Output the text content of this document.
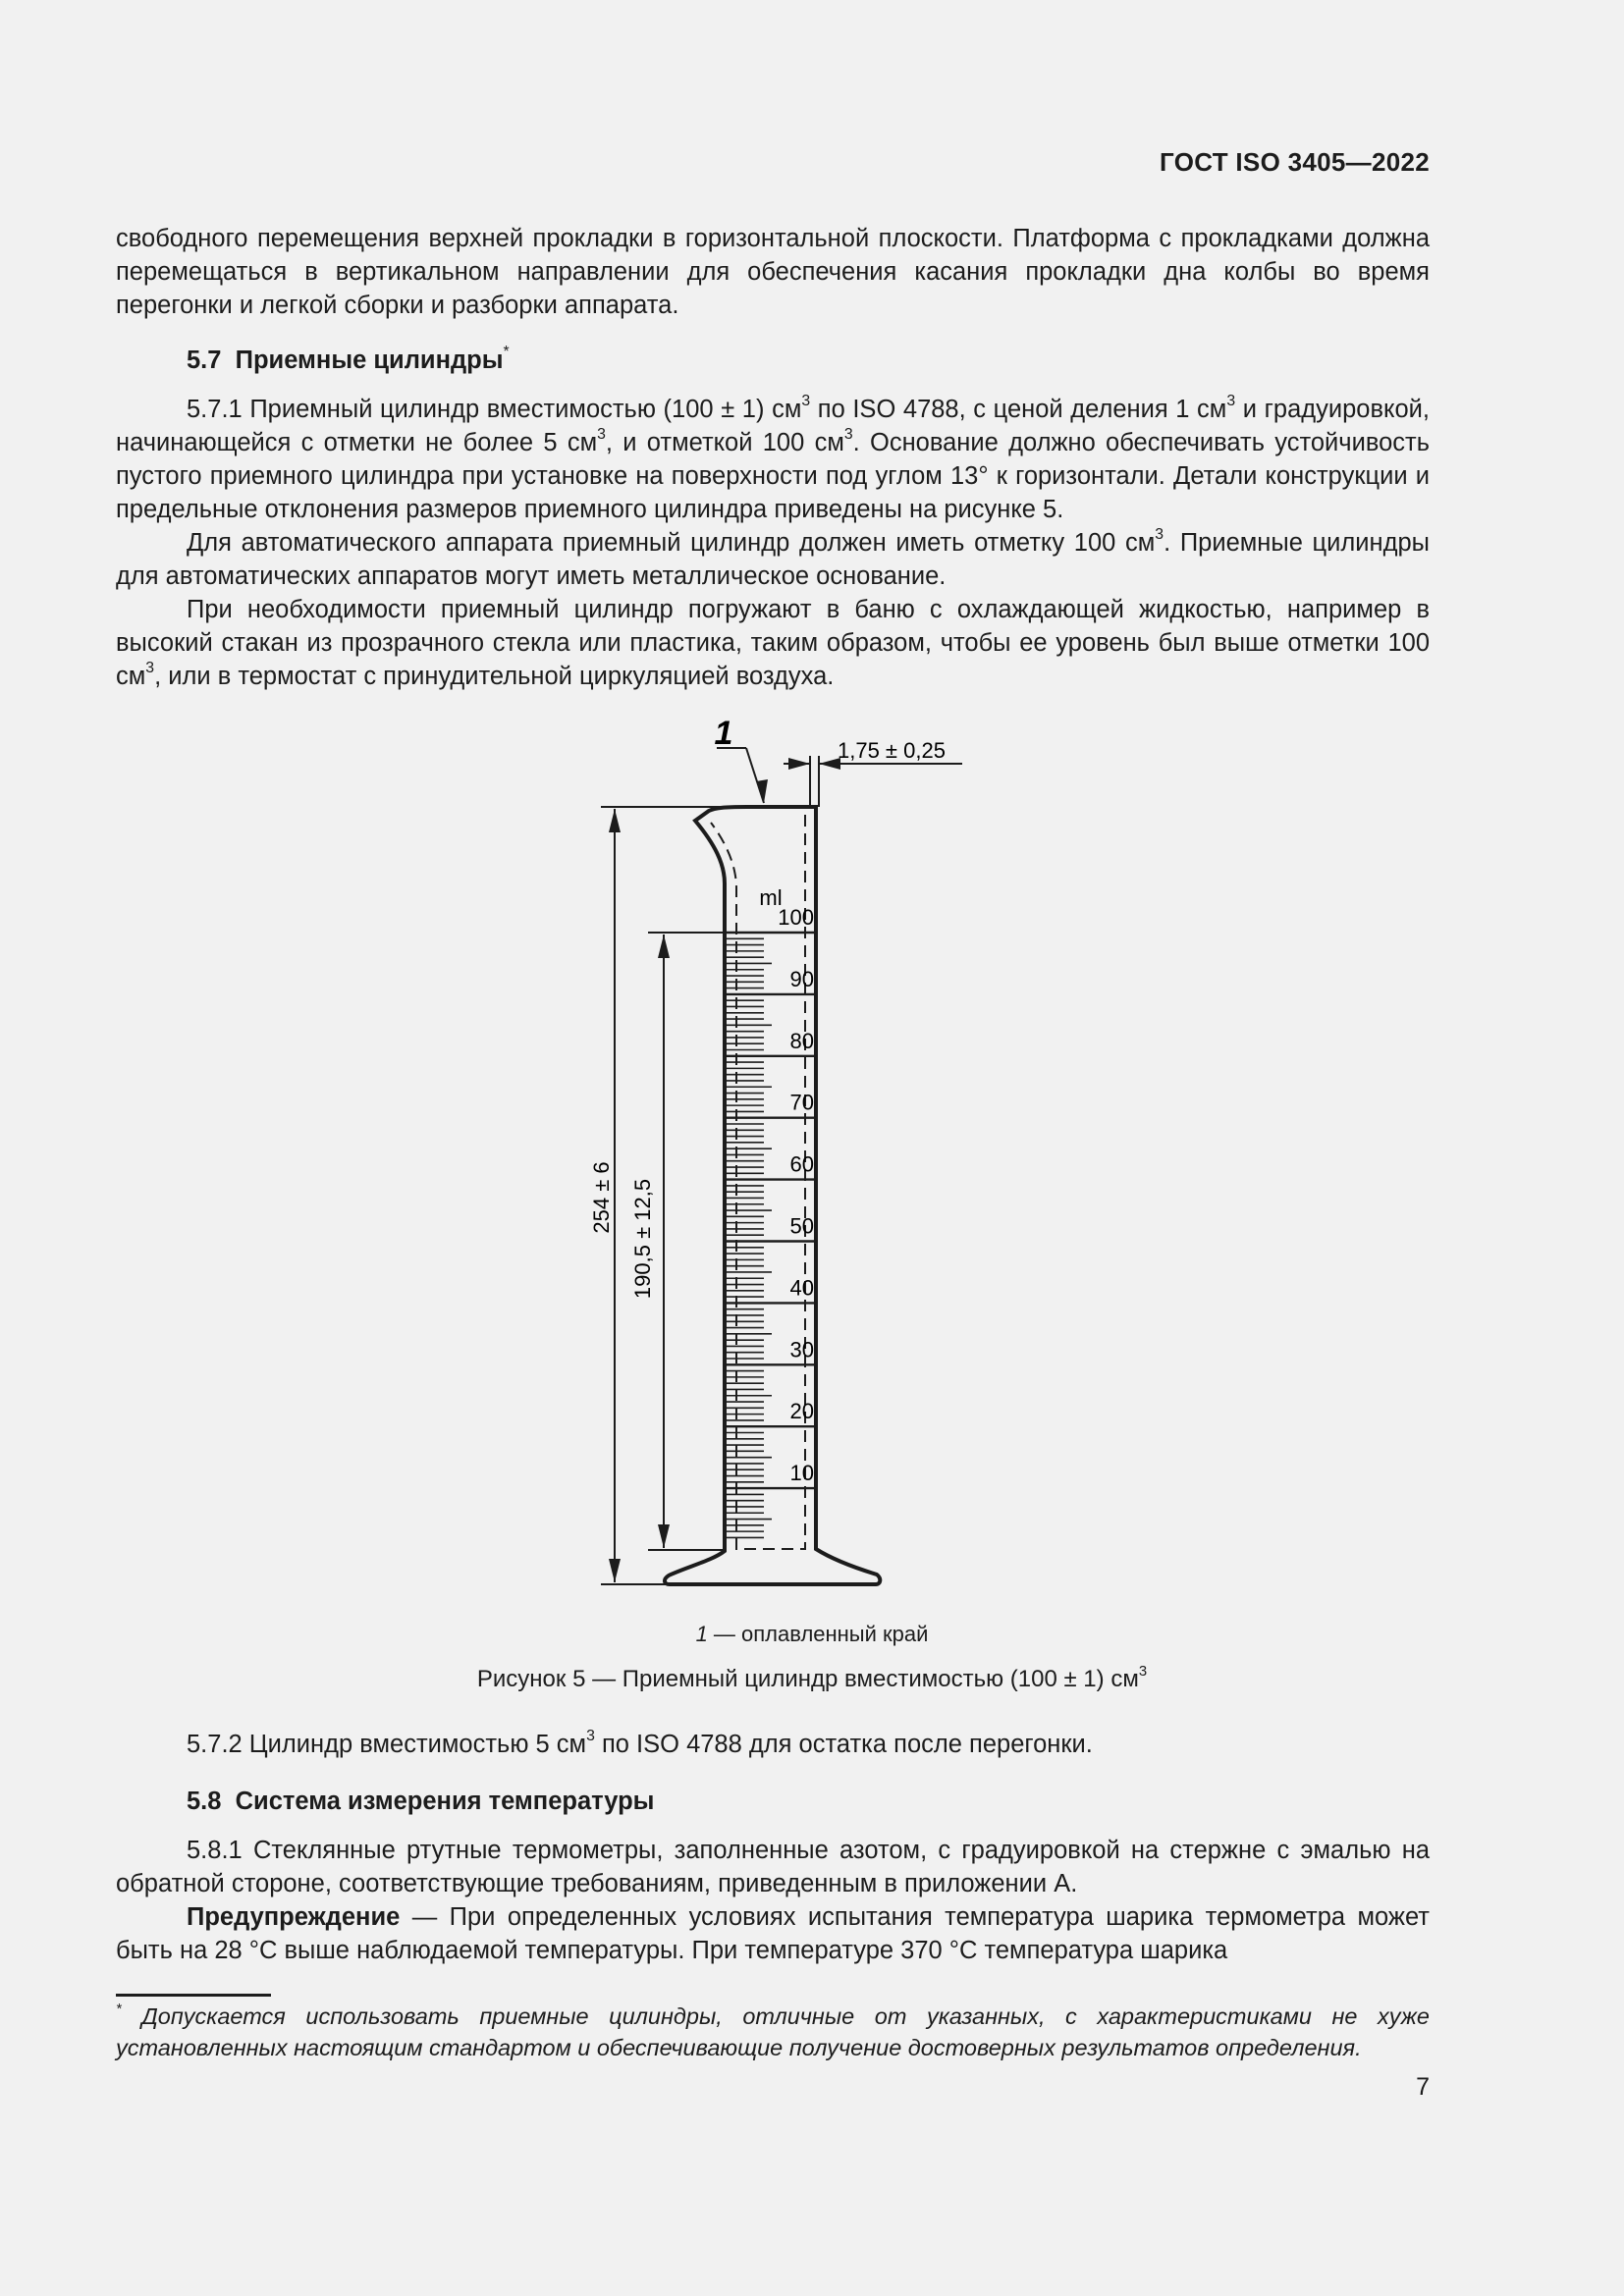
ГОСТ ISO 3405—2022

свободного перемещения верхней прокладки в горизонтальной плоскости. Платформа с прокладками должна перемещаться в вертикальном направлении для обеспечения касания прокладки дна колбы во время перегонки и легкой сборки и разборки аппарата.

5.7 Приемные цилиндры*

5.7.1 Приемный цилиндр вместимостью (100 ± 1) $см^3$ по ISO 4788, с ценой деления 1 $см^3$ и градуировкой, начинающейся с отметки не более 5 $см^3$, и отметкой 100 $см^3$. Основание должно обеспечивать устойчивость пустого приемного цилиндра при установке на поверхности под углом 13° к горизонтали. Детали конструкции и предельные отклонения размеров приемного цилиндра приведены на рисунке 5.

Для автоматического аппарата приемный цилиндр должен иметь отметку 100 $см^3$. Приемные цилиндры для автоматических аппаратов могут иметь металлическое основание.

При необходимости приемный цилиндр погружают в баню с охлаждающей жидкостью, например в высокий стакан из прозрачного стекла или пластика, таким образом, чтобы ее уровень был выше отметки 100 $см^3$, или в термостат с принудительной циркуляцией воздуха.

1	1,75 ± 0,25
ml
254 ± 6 190,5 ± 12,5
100
90
80
70
60
50
40
30
20
10
1 — оплавленный край
Рисунок 5 — Приемный цилиндр вместимостью (100 ± 1) $см^3$

5.7.2 Цилиндр вместимостью 5 $см^3$ по ISO 4788 для остатка после перегонки.

5.8 Система измерения температуры

5.8.1 Стеклянные ртутные термометры, заполненные азотом, с градуировкой на стержне с эмалью на обратной стороне, соответствующие требованиям, приведенным в приложении А.

Предупреждение — При определенных условиях испытания температура шарика термометра может быть на 28 °С выше наблюдаемой температуры. При температуре 370 °С температура шарика

* Допускается использовать приемные цилиндры, отличные от указанных, с характеристиками не хуже установленных настоящим стандартом и обеспечивающие получение достоверных результатов определения.
7
